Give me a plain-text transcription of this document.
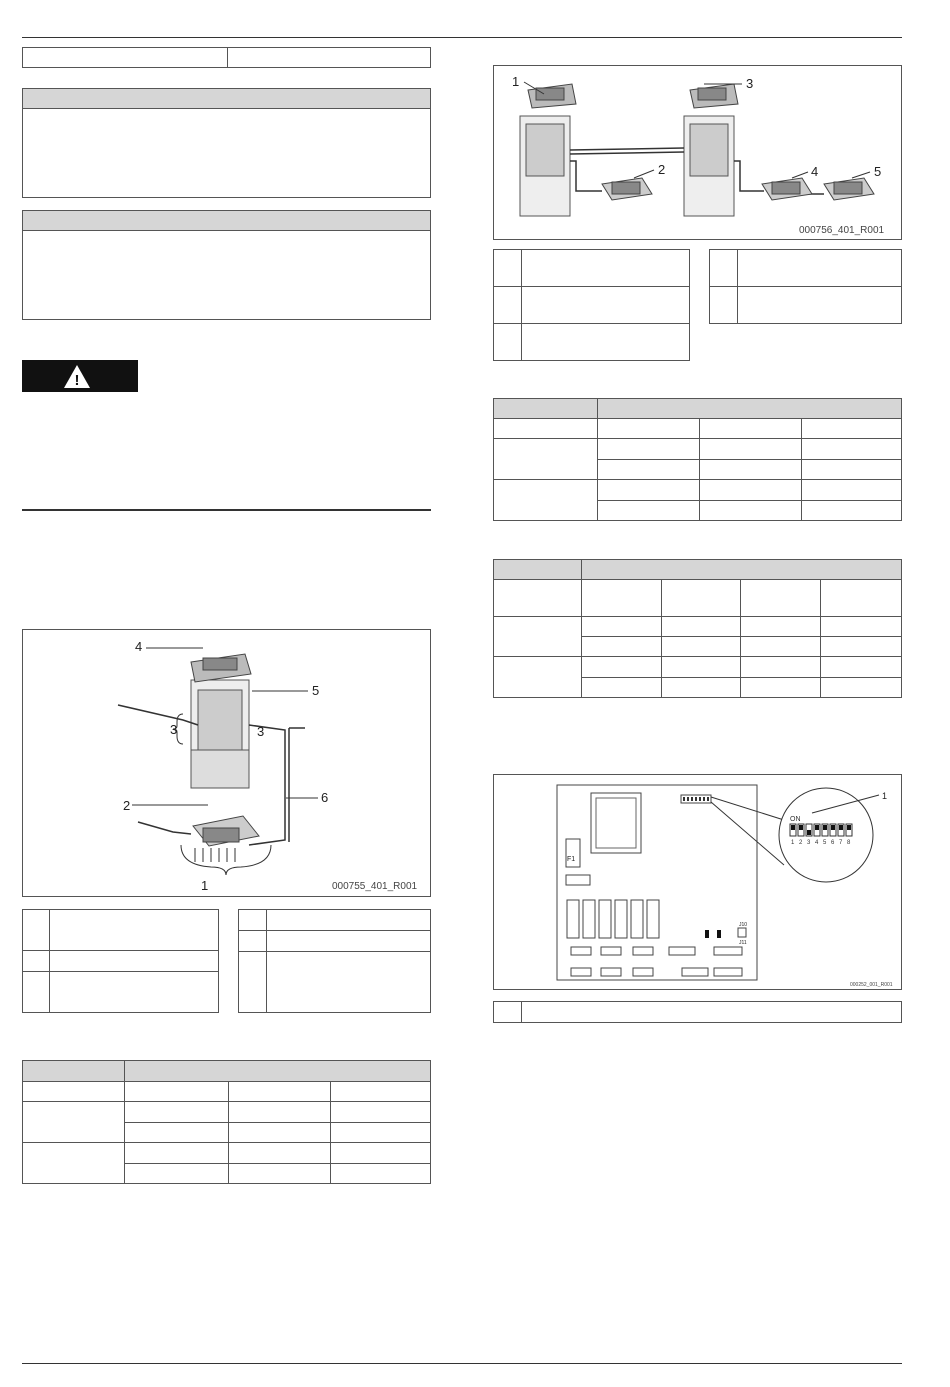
!
4
5
3	3
2
6
1	000755_401_R001

1	3
2	4	5
000756_401_R001

ON
1 2 3 4 5 6 7 8
1
F1
J10
J11
000252_001_R001
